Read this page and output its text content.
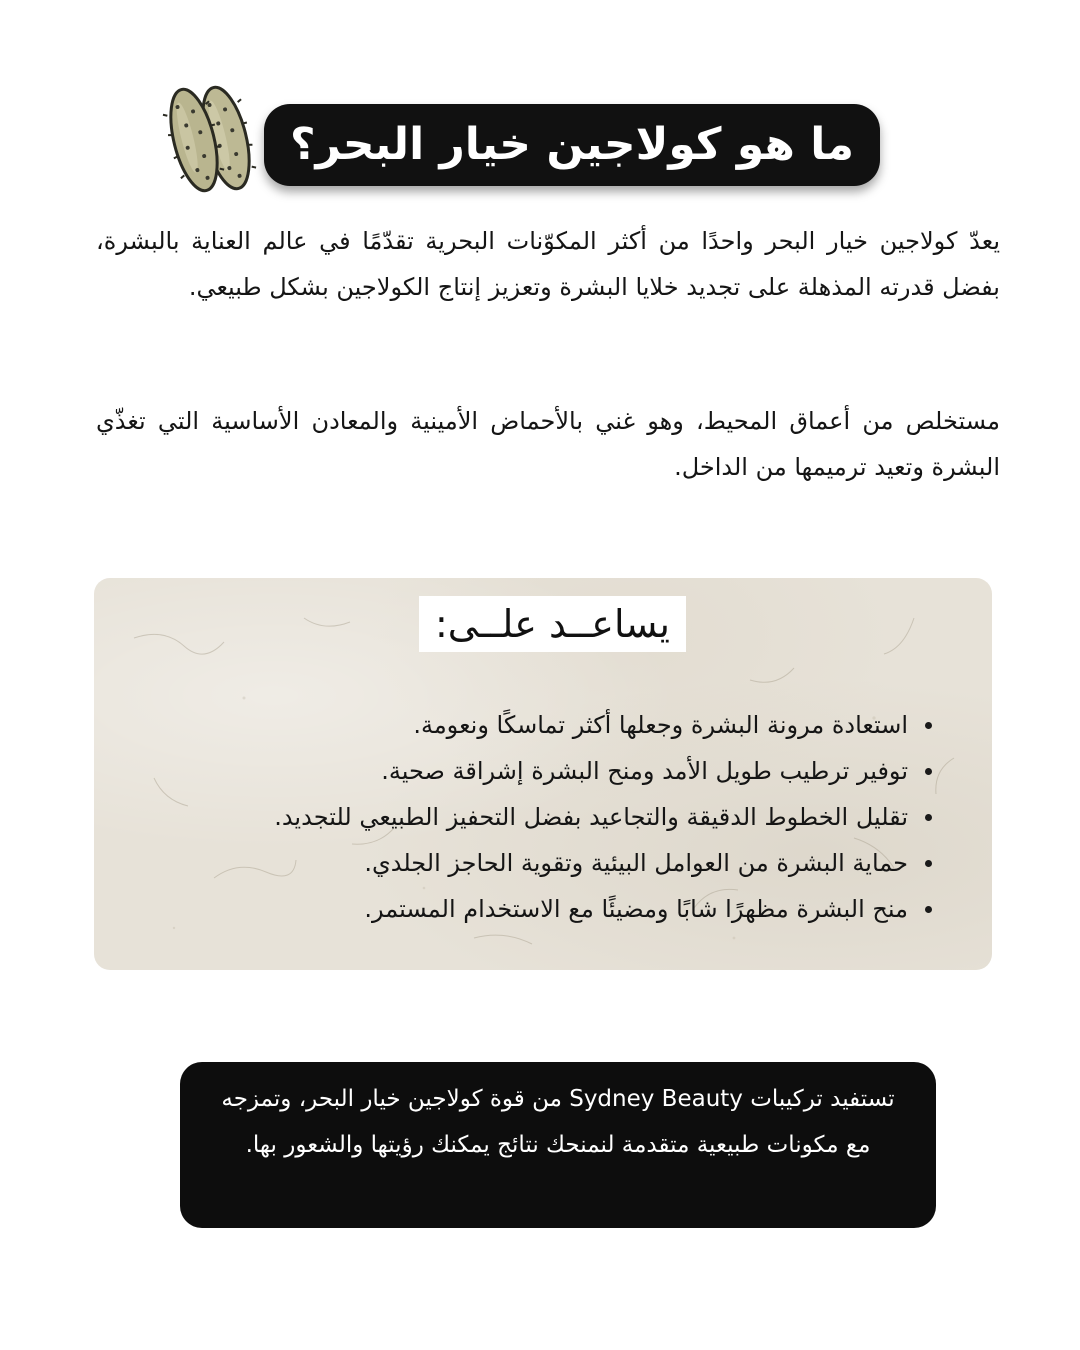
ما هو كولاجين خيار البحر؟

يعدّ كولاجين خيار البحر واحدًا من أكثر المكوّنات البحرية تقدّمًا في عالم العناية بالبشرة، بفضل قدرته المذهلة على تجديد خلايا البشرة وتعزيز إنتاج الكولاجين بشكل طبيعي.

مستخلص من أعماق المحيط، وهو غني بالأحماض الأمينية والمعادن الأساسية التي تغذّي البشرة وتعيد ترميمها من الداخل.

يساعــد علــى:
استعادة مرونة البشرة وجعلها أكثر تماسكًا ونعومة.
توفير ترطيب طويل الأمد ومنح البشرة إشراقة صحية.
تقليل الخطوط الدقيقة والتجاعيد بفضل التحفيز الطبيعي للتجديد.
حماية البشرة من العوامل البيئية وتقوية الحاجز الجلدي.
منح البشرة مظهرًا شابًا ومضيئًا مع الاستخدام المستمر.

تستفيد تركيبات Sydney Beauty من قوة كولاجين خيار البحر، وتمزجه مع مكونات طبيعية متقدمة لنمنحك نتائج يمكنك رؤيتها والشعور بها.
